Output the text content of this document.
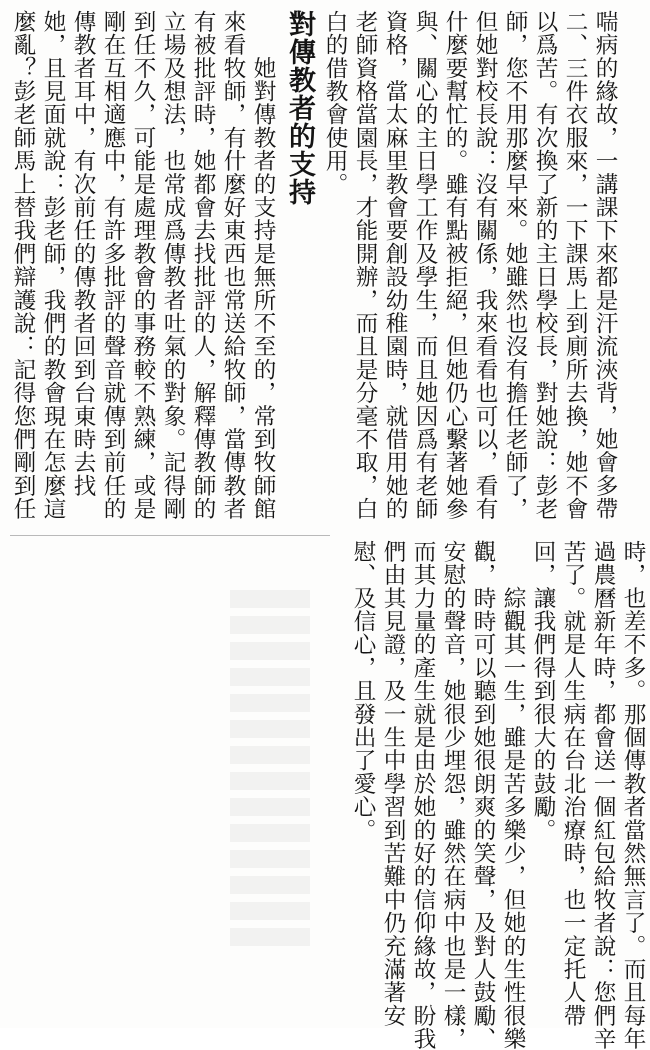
喘病的緣故，一講課下來都是汗流浹背，她會多帶

二、三件衣服來，一下課馬上到廁所去換，她不會

以爲苦。有次換了新的主日學校長，對她說：彭老

師，您不用那麼早來。她雖然也沒有擔任老師了，

但她對校長說：沒有關係，我來看看也可以，看有

什麼要幫忙的。雖有點被拒絕，但她仍心繫著她參

與、關心的主日學工作及學生，而且她因爲有老師

資格，當太麻里教會要創設幼稚園時，就借用她的

老師資格當園長，才能開辦，而且是分毫不取，白

白的借教會使用。

對傳教者的支持

　　她對傳教者的支持是無所不至的，常到牧師館

來看牧師，有什麼好東西也常送給牧師，當傳教者

有被批評時，她都會去找批評的人，解釋傳教師的

立場及想法，也常成爲傳教者吐氣的對象。記得剛

到任不久，可能是處理教會的事務較不熟練，或是

剛在互相適應中，有許多批評的聲音就傳到前任的

傳教者耳中，有次前任的傳教者回到台東時去找

她，且見面就說：彭老師，我們的教會現在怎麼這

麼亂？彭老師馬上替我們辯護說：記得您們剛到任

時，也差不多。那個傳教者當然無言了。而且每年

過農曆新年時，都會送一個紅包給牧者說：您們辛

苦了。就是人生病在台北治療時，也一定托人帶

回，讓我們得到很大的鼓勵。

　　綜觀其一生，雖是苦多樂少，但她的生性很樂

觀，時時可以聽到她很朗爽的笑聲，及對人鼓勵、

安慰的聲音，她很少埋怨，雖然在病中也是一樣，

而其力量的產生就是由於她的好的信仰緣故，盼我

們由其見證，及一生中學習到苦難中仍充滿著安

慰、及信心，且發出了愛心。
